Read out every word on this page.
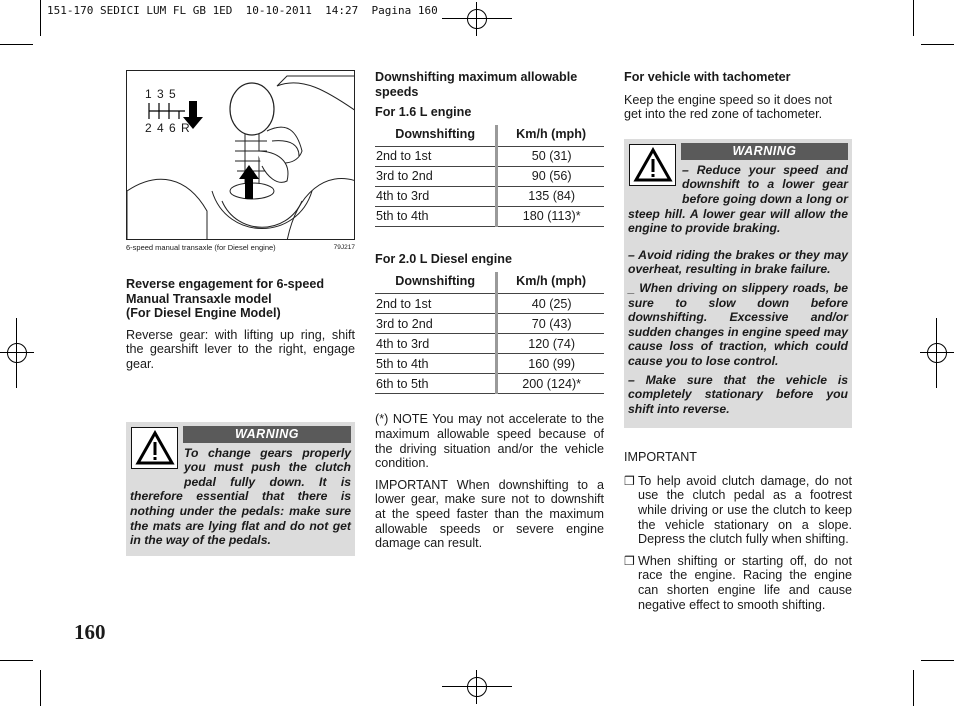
151-170 SEDICI LUM FL GB 1ED  10-10-2011  14:27  Pagina 160
1 3 5
2 4 6 R
6-speed manual transaxle (for Diesel engine)	79J217
Reverse engagement for 6-speed
Manual Transaxle model
(For Diesel Engine Model)

Reverse gear: with lifting up ring, shift the gearshift lever to the right, engage gear.

WARNING
To change gears properly you must push the clutch pedal fully down. It is therefore essential that there is nothing under the pedals: make sure the mats are lying flat and do not get in the way of the pedals.
Downshifting maximum allowable speeds
For 1.6 L engine
Downshifting	Km/h (mph)
2nd to 1st	50 (31)
3rd to 2nd	90 (56)
4th to 3rd	135 (84)
5th to 4th	180 (113)*
For 2.0 L Diesel engine
Downshifting	Km/h (mph)
2nd to 1st	40 (25)
3rd to 2nd	70 (43)
4th to 3rd	120 (74)
5th to 4th	160 (99)
6th to 5th	200 (124)*

(*) NOTE You may not accelerate to the maximum allowable speed because of the driving situation and/or the vehicle condition.

IMPORTANT When downshifting to a lower gear, make sure not to downshift at the speed faster than the maximum allowable speeds or severe engine damage can result.

For vehicle with tachometer

Keep the engine speed so it does not get into the red zone of tachometer.

WARNING
– Reduce your speed and downshift to a lower gear before going down a long or steep hill. A lower gear will allow the engine to provide braking.
– Avoid riding the brakes or they may overheat, resulting in brake failure.
_ When driving on slippery roads, be sure to slow down before downshifting. Excessive and/or sudden changes in engine speed may cause loss of traction, which could cause you to lose control.
– Make sure that the vehicle is completely stationary before you shift into reverse.
IMPORTANT
❒ To help avoid clutch damage, do not use the clutch pedal as a footrest while driving or use the clutch to keep the vehicle stationary on a slope. Depress the clutch fully when shifting.
❒ When shifting or starting off, do not race the engine. Racing the engine can shorten engine life and cause negative effect to smooth shifting.
160
